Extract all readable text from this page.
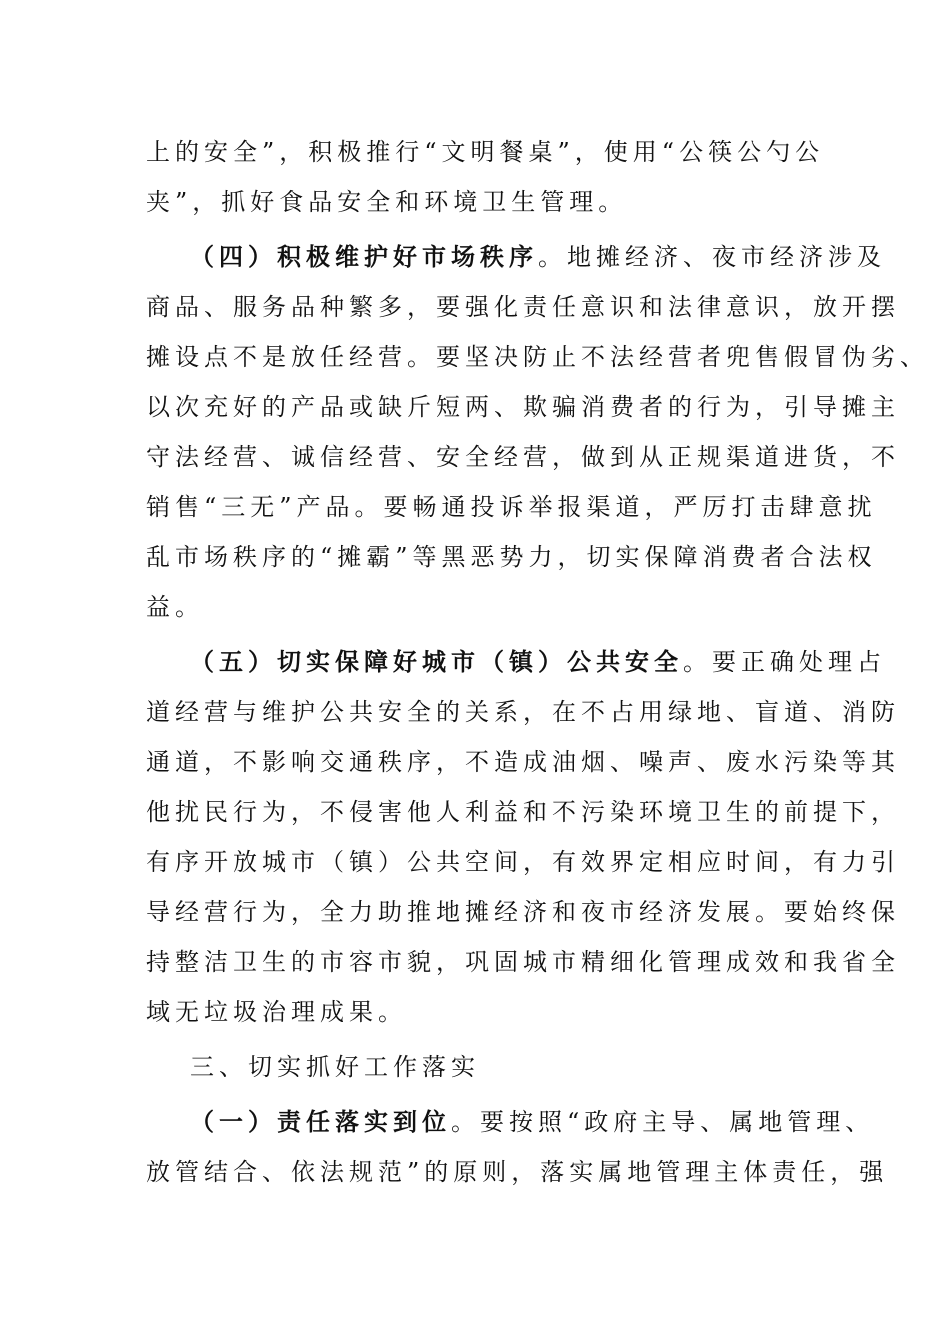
上的安全”，积极推行“文明餐桌”，使用“公筷公勺公
夹”，抓好食品安全和环境卫生管理。
（四）积极维护好市场秩序。地摊经济、夜市经济涉及
商品、服务品种繁多，要强化责任意识和法律意识，放开摆
摊设点不是放任经营。要坚决防止不法经营者兜售假冒伪劣、
以次充好的产品或缺斤短两、欺骗消费者的行为，引导摊主
守法经营、诚信经营、安全经营，做到从正规渠道进货，不
销售“三无”产品。要畅通投诉举报渠道，严厉打击肆意扰
乱市场秩序的“摊霸”等黑恶势力，切实保障消费者合法权
益。
（五）切实保障好城市（镇）公共安全。要正确处理占
道经营与维护公共安全的关系，在不占用绿地、盲道、消防
通道，不影响交通秩序，不造成油烟、噪声、废水污染等其
他扰民行为，不侵害他人利益和不污染环境卫生的前提下，
有序开放城市（镇）公共空间，有效界定相应时间，有力引
导经营行为，全力助推地摊经济和夜市经济发展。要始终保
持整洁卫生的市容市貌，巩固城市精细化管理成效和我省全
域无垃圾治理成果。
三、切实抓好工作落实
（一）责任落实到位。要按照“政府主导、属地管理、
放管结合、依法规范”的原则，落实属地管理主体责任，强
